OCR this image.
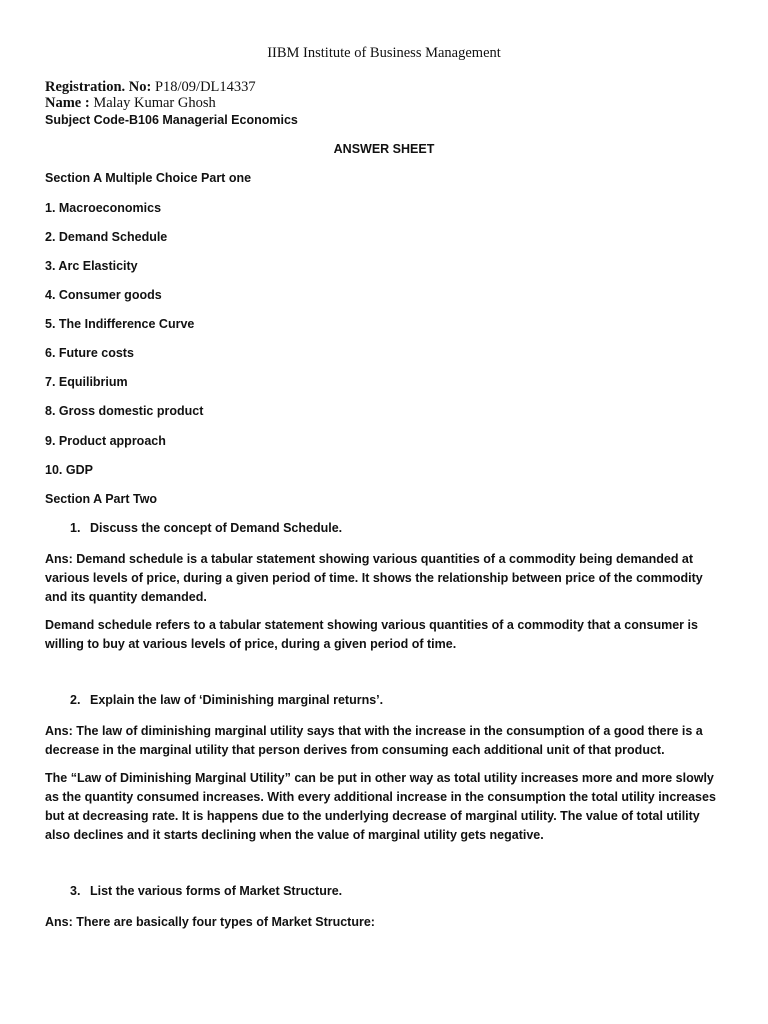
IIBM Institute of Business Management
Registration. No: P18/09/DL14337
Name : Malay Kumar Ghosh
Subject Code-B106 Managerial Economics
ANSWER SHEET
Section A Multiple Choice Part one
1. Macroeconomics
2. Demand Schedule
3. Arc Elasticity
4. Consumer goods
5. The Indifference Curve
6. Future costs
7. Equilibrium
8. Gross domestic product
9. Product approach
10. GDP
Section A Part Two
1. Discuss the concept of Demand Schedule.
Ans: Demand schedule is a tabular statement showing various quantities of a commodity being demanded at various levels of price, during a given period of time. It shows the relationship between price of the commodity and its quantity demanded.
Demand schedule refers to a tabular statement showing various quantities of a commodity that a consumer is willing to buy at various levels of price, during a given period of time.
2. Explain the law of ‘Diminishing marginal returns’.
Ans: The law of diminishing marginal utility says that with the increase in the consumption of a good there is a decrease in the marginal utility that person derives from consuming each additional unit of that product.
The “Law of Diminishing Marginal Utility” can be put in other way as total utility increases more and more slowly as the quantity consumed increases. With every additional increase in the consumption the total utility increases but at decreasing rate. It is happens due to the underlying decrease of marginal utility. The value of total utility also declines and it starts declining when the value of marginal utility gets negative.
3. List the various forms of Market Structure.
Ans: There are basically four types of Market Structure:
